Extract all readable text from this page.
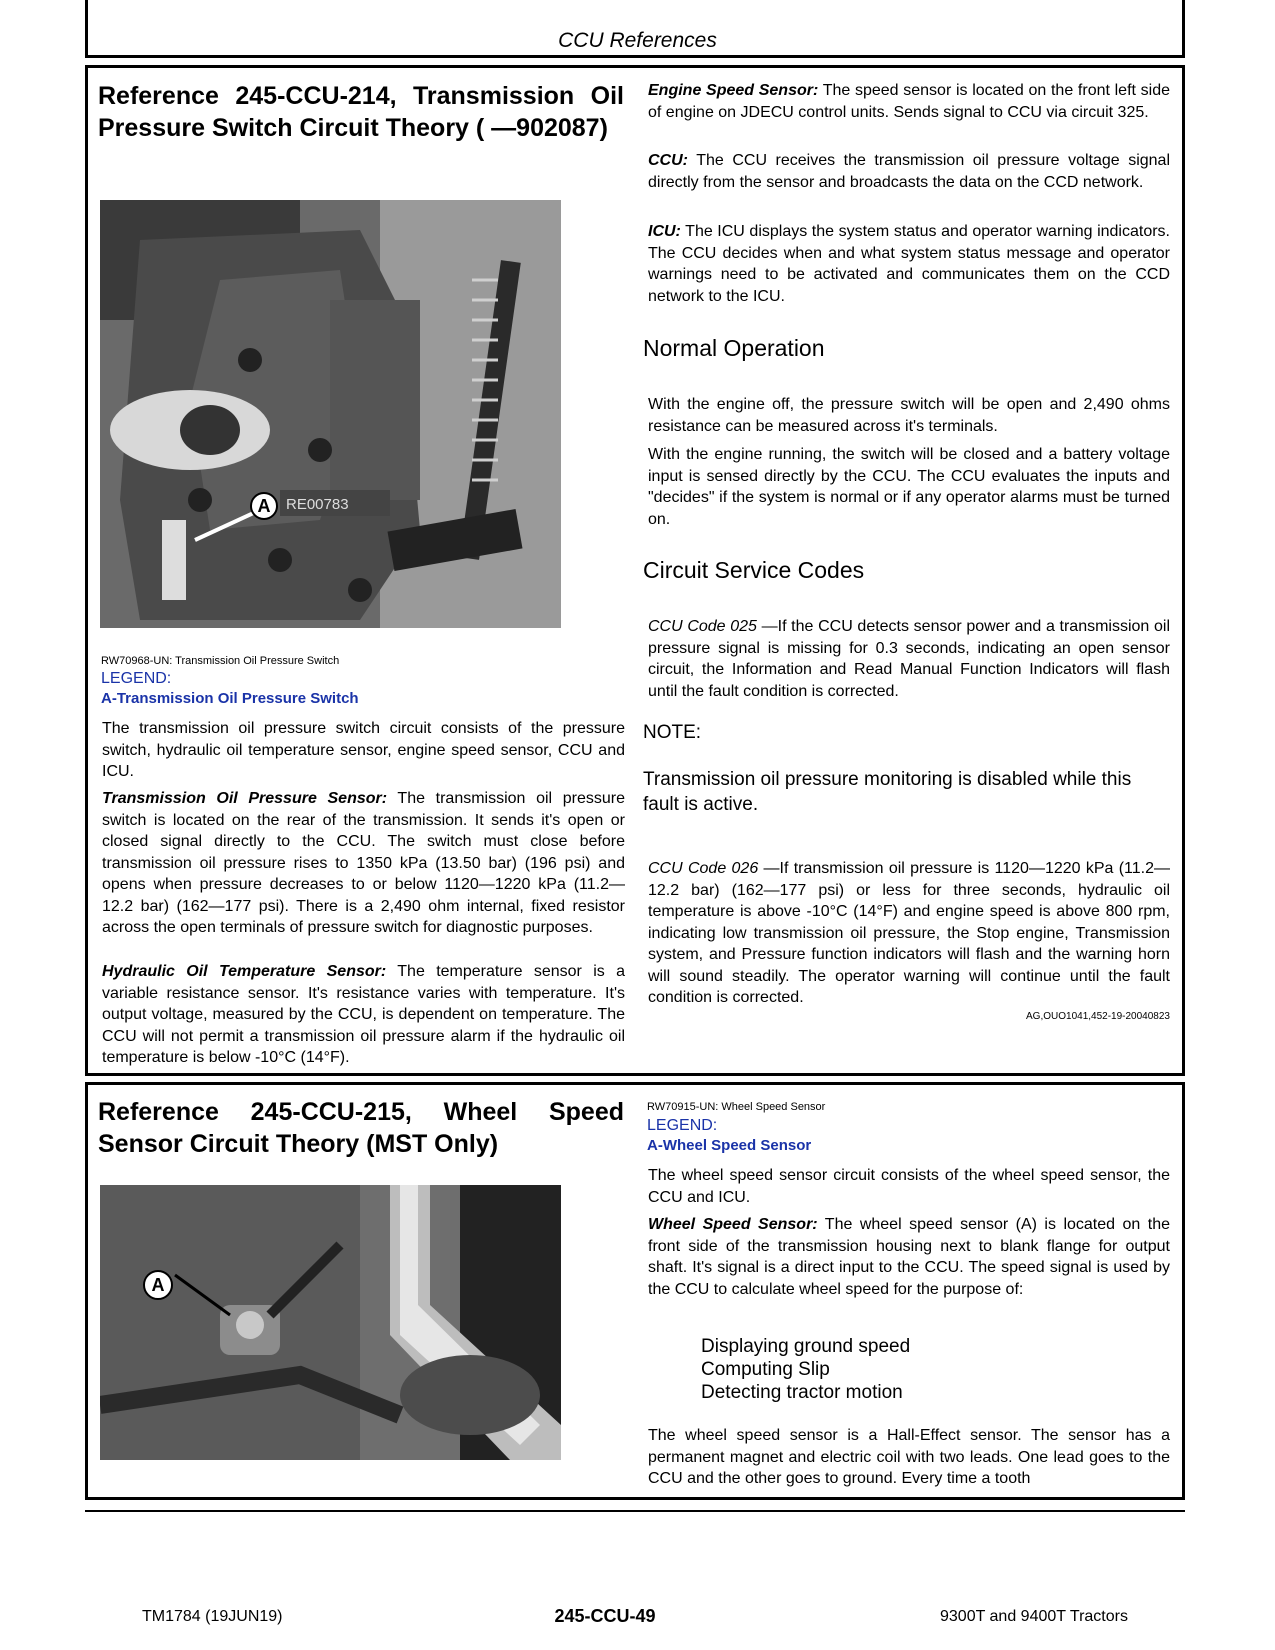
CCU References
Reference 245-CCU-214, Transmission Oil Pressure Switch Circuit Theory ( —902087)
A	RE00783
RW70968-UN: Transmission Oil Pressure Switch
LEGEND:
A-Transmission Oil Pressure Switch

The transmission oil pressure switch circuit consists of the pressure switch, hydraulic oil temperature sensor, engine speed sensor, CCU and ICU.

Transmission Oil Pressure Sensor: The transmission oil pressure switch is located on the rear of the transmission. It sends it's open or closed signal directly to the CCU. The switch must close before transmission oil pressure rises to 1350 kPa (13.50 bar) (196 psi) and opens when pressure decreases to or below 1120—1220 kPa (11.2—12.2 bar) (162—177 psi). There is a 2,490 ohm internal, fixed resistor across the open terminals of pressure switch for diagnostic purposes.

Hydraulic Oil Temperature Sensor: The temperature sensor is a variable resistance sensor. It's resistance varies with temperature. It's output voltage, measured by the CCU, is dependent on temperature. The CCU will not permit a transmission oil pressure alarm if the hydraulic oil temperature is below -10°C (14°F).

Engine Speed Sensor: The speed sensor is located on the front left side of engine on JDECU control units. Sends signal to CCU via circuit 325.

CCU: The CCU receives the transmission oil pressure voltage signal directly from the sensor and broadcasts the data on the CCD network.

ICU: The ICU displays the system status and operator warning indicators. The CCU decides when and what system status message and operator warnings need to be activated and communicates them on the CCD network to the ICU.

Normal Operation

With the engine off, the pressure switch will be open and 2,490 ohms resistance can be measured across it's terminals.

With the engine running, the switch will be closed and a battery voltage input is sensed directly by the CCU. The CCU evaluates the inputs and "decides" if the system is normal or if any operator alarms must be turned on.

Circuit Service Codes

CCU Code 025 —If the CCU detects sensor power and a transmission oil pressure signal is missing for 0.3 seconds, indicating an open sensor circuit, the Information and Read Manual Function Indicators will flash until the fault condition is corrected.

NOTE:
Transmission oil pressure monitoring is disabled while this fault is active.

CCU Code 026 —If transmission oil pressure is 1120—1220 kPa (11.2—12.2 bar) (162—177 psi) or less for three seconds, hydraulic oil temperature is above -10°C (14°F) and engine speed is above 800 rpm, indicating low transmission oil pressure, the Stop engine, Transmission system, and Pressure function indicators will flash and the warning horn will sound steadily. The operator warning will continue until the fault condition is corrected.

AG,OUO1041,452-19-20040823
Reference 245-CCU-215, Wheel Speed Sensor Circuit Theory (MST Only)
A
RW70915-UN: Wheel Speed Sensor
LEGEND:
A-Wheel Speed Sensor

The wheel speed sensor circuit consists of the wheel speed sensor, the CCU and ICU.

Wheel Speed Sensor: The wheel speed sensor (A) is located on the front side of the transmission housing next to blank flange for output shaft. It's signal is a direct input to the CCU. The speed signal is used by the CCU to calculate wheel speed for the purpose of:

Displaying ground speed
Computing Slip
Detecting tractor motion

The wheel speed sensor is a Hall-Effect sensor. The sensor has a permanent magnet and electric coil with two leads. One lead goes to the CCU and the other goes to ground. Every time a tooth

TM1784 (19JUN19)	245-CCU-49	9300T and 9400T Tractors
